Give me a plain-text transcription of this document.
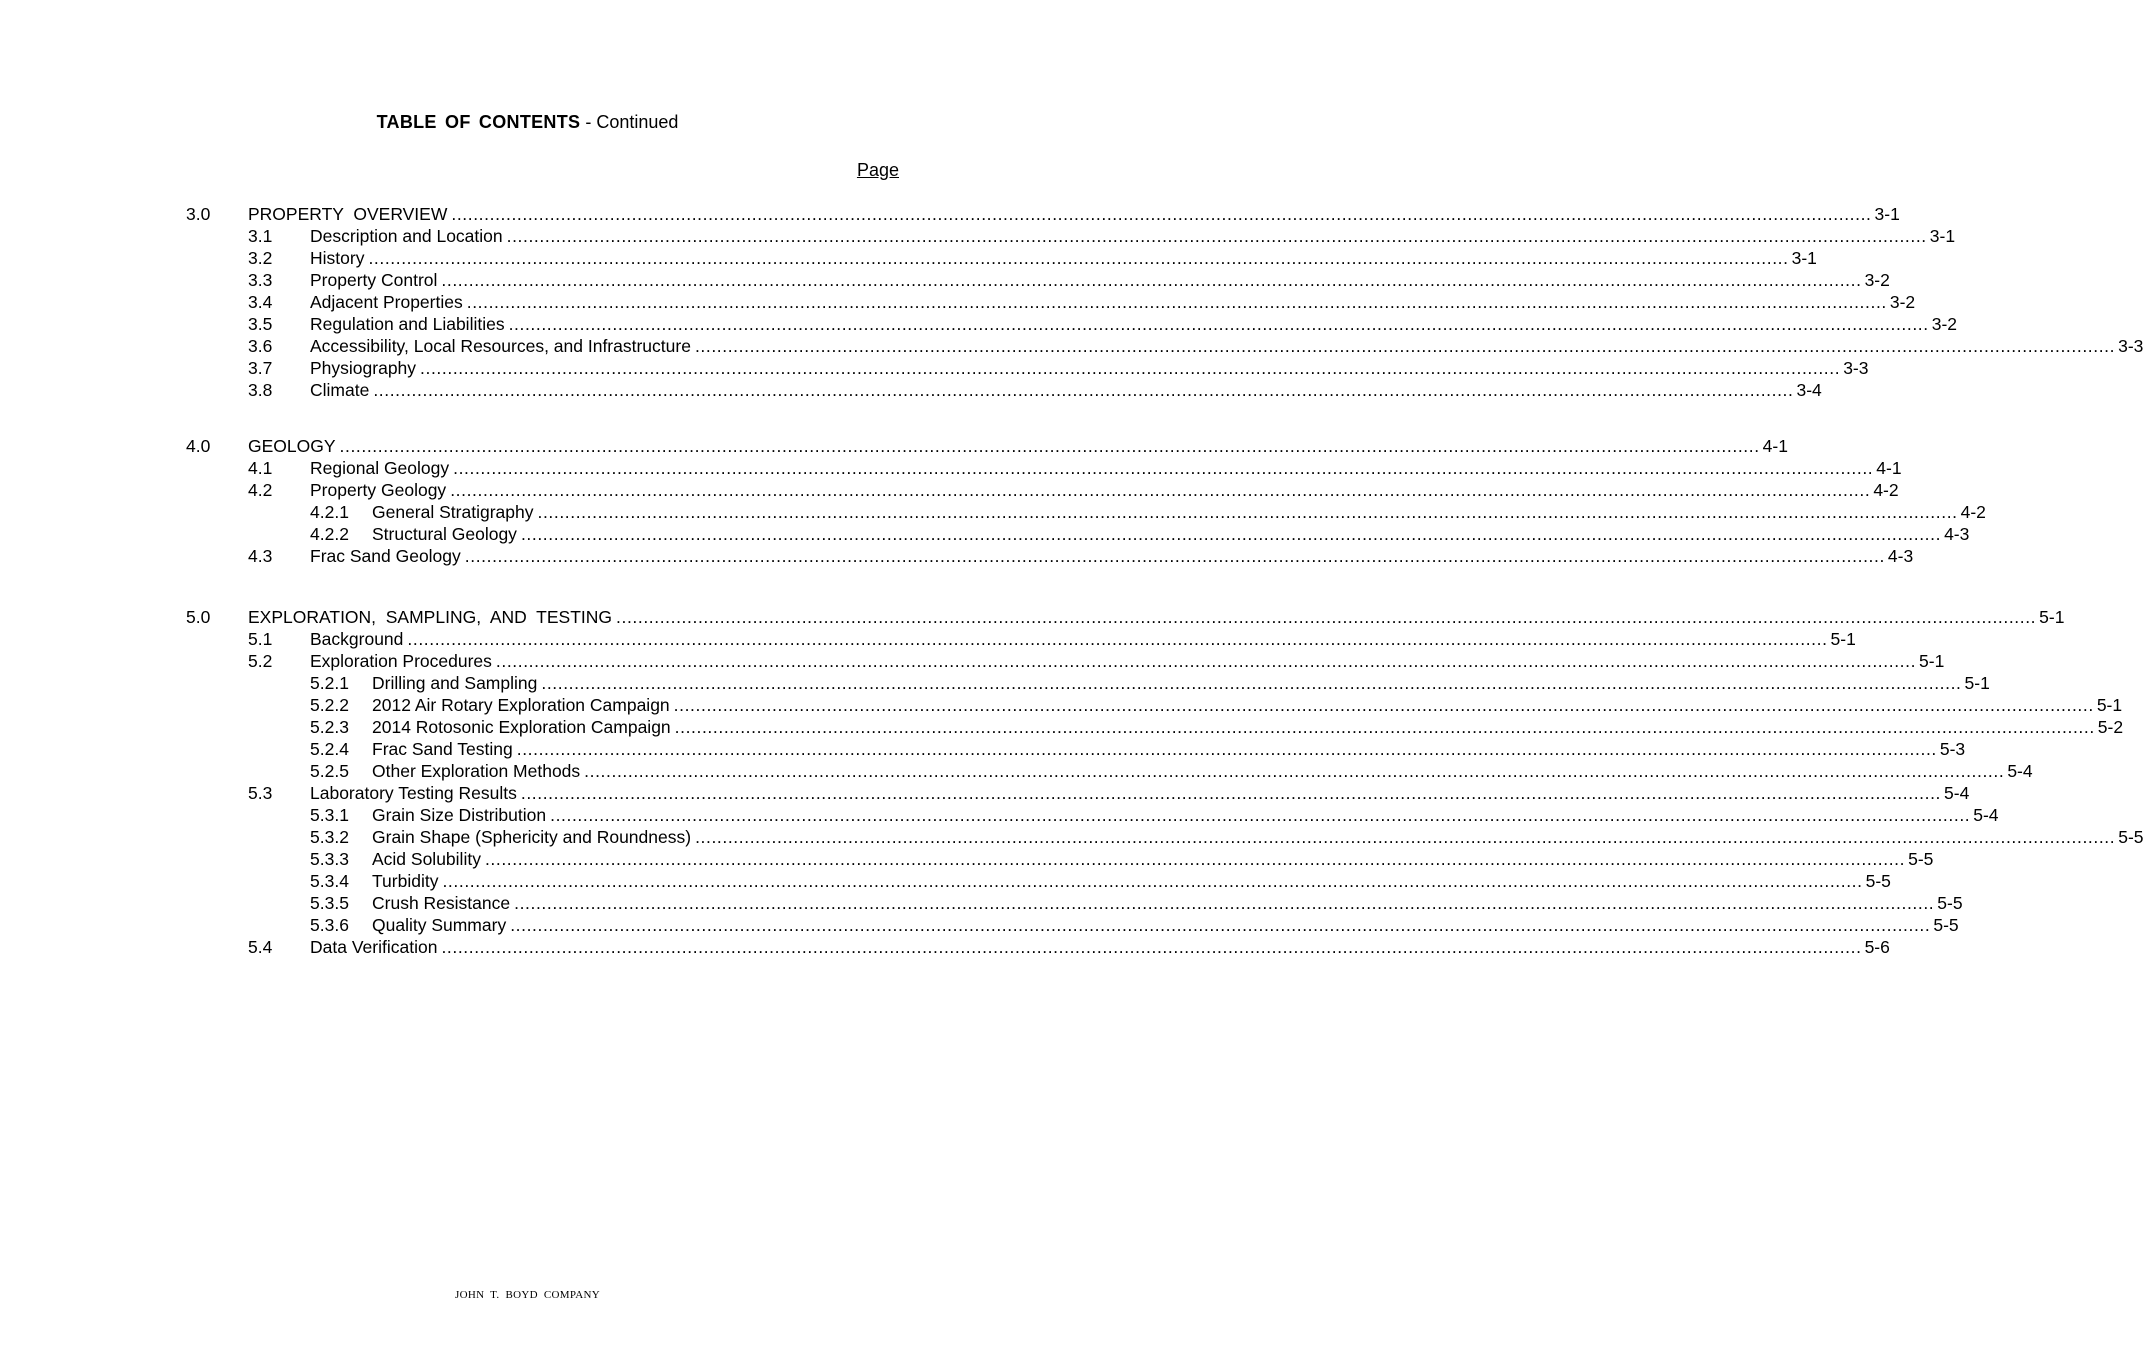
TABLE OF CONTENTS - Continued
Page
3.0 PROPERTY  OVERVIEW .................................................................................................................................................................................................................................................................... 3-1
3.1 Description and Location .................................................................................................................................................................................................................................................................... 3-1
3.2 History .................................................................................................................................................................................................................................................................... 3-1
3.3 Property Control .................................................................................................................................................................................................................................................................... 3-2
3.4 Adjacent Properties .................................................................................................................................................................................................................................................................... 3-2
3.5 Regulation and Liabilities .................................................................................................................................................................................................................................................................... 3-2
3.6 Accessibility, Local Resources, and Infrastructure .................................................................................................................................................................................................................................................................... 3-3
3.7 Physiography .................................................................................................................................................................................................................................................................... 3-3
3.8 Climate .................................................................................................................................................................................................................................................................... 3-4
4.0 GEOLOGY .................................................................................................................................................................................................................................................................... 4-1
4.1 Regional Geology .................................................................................................................................................................................................................................................................... 4-1
4.2 Property Geology .................................................................................................................................................................................................................................................................... 4-2
4.2.1 General Stratigraphy .................................................................................................................................................................................................................................................................... 4-2
4.2.2 Structural Geology .................................................................................................................................................................................................................................................................... 4-3
4.3 Frac Sand Geology .................................................................................................................................................................................................................................................................... 4-3
5.0 EXPLORATION,  SAMPLING,  AND  TESTING .................................................................................................................................................................................................................................................................... 5-1
5.1 Background .................................................................................................................................................................................................................................................................... 5-1
5.2 Exploration Procedures .................................................................................................................................................................................................................................................................... 5-1
5.2.1 Drilling and Sampling .................................................................................................................................................................................................................................................................... 5-1
5.2.2 2012 Air Rotary Exploration Campaign .................................................................................................................................................................................................................................................................... 5-1
5.2.3 2014 Rotosonic Exploration Campaign .................................................................................................................................................................................................................................................................... 5-2
5.2.4 Frac Sand Testing .................................................................................................................................................................................................................................................................... 5-3
5.2.5 Other Exploration Methods .................................................................................................................................................................................................................................................................... 5-4
5.3 Laboratory Testing Results .................................................................................................................................................................................................................................................................... 5-4
5.3.1 Grain Size Distribution .................................................................................................................................................................................................................................................................... 5-4
5.3.2 Grain Shape (Sphericity and Roundness) .................................................................................................................................................................................................................................................................... 5-5
5.3.3 Acid Solubility .................................................................................................................................................................................................................................................................... 5-5
5.3.4 Turbidity .................................................................................................................................................................................................................................................................... 5-5
5.3.5 Crush Resistance .................................................................................................................................................................................................................................................................... 5-5
5.3.6 Quality Summary .................................................................................................................................................................................................................................................................... 5-5
5.4 Data Verification .................................................................................................................................................................................................................................................................... 5-6
JOHN T. BOYD COMPANY
